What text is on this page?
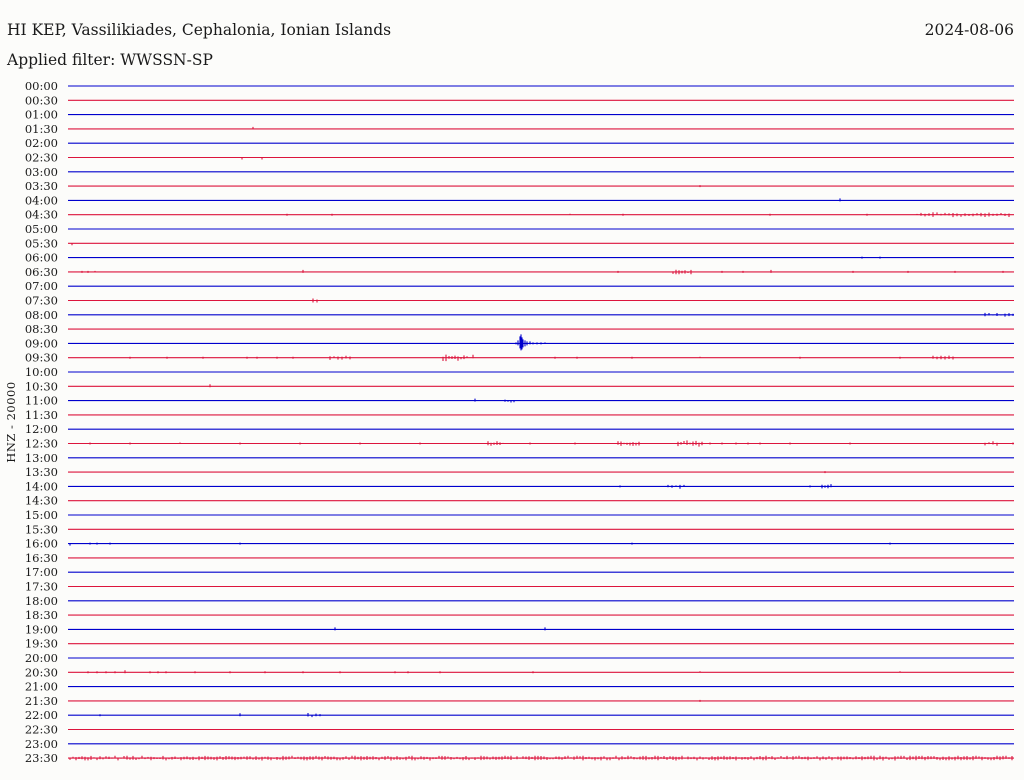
HI KEP, Vassilikiades, Cephalonia, Ionian Islands	2024-08-06
Applied filter: WWSSN-SP
HNZ - 20000
00:00
00:30
01:00
01:30
02:00
02:30
03:00
03:30
04:00
04:30
05:00
05:30
06:00
06:30
07:00
07:30
08:00
08:30
09:00
09:30
10:00
10:30
11:00
11:30
12:00
12:30
13:00
13:30
14:00
14:30
15:00
15:30
16:00
16:30
17:00
17:30
18:00
18:30
19:00
19:30
20:00
20:30
21:00
21:30
22:00
22:30
23:00
23:30
